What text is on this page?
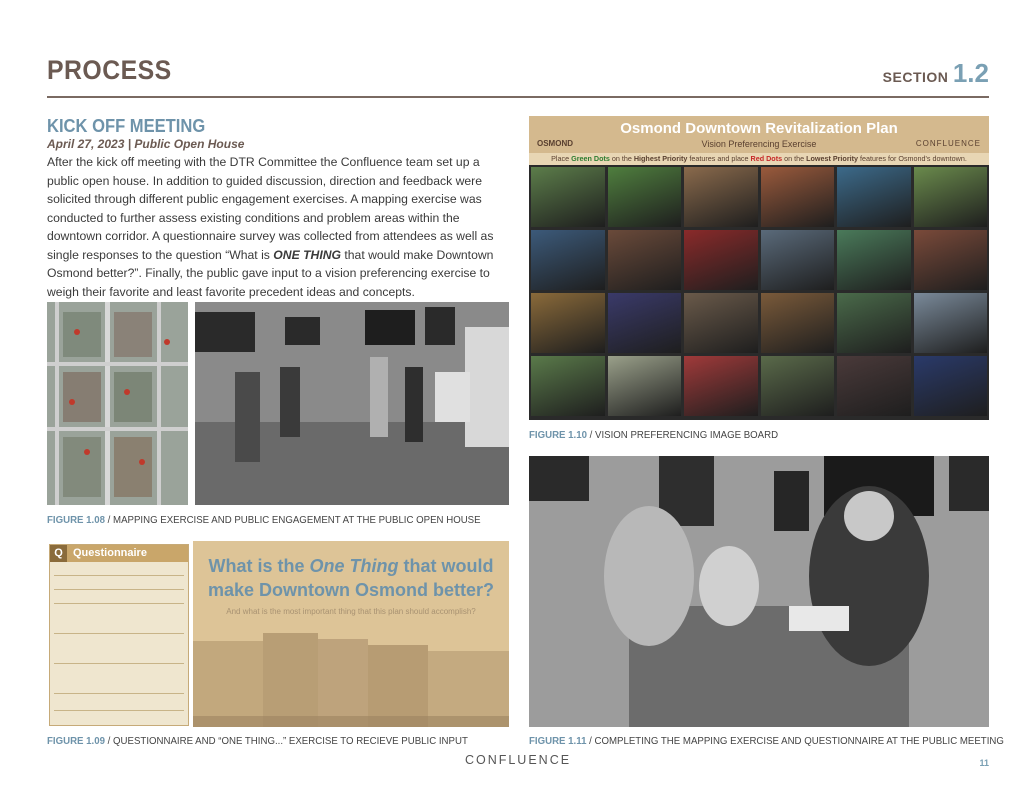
PROCESS	SECTION 1.2
KICK OFF MEETING
April 27, 2023 | Public Open House
After the kick off meeting with the DTR Committee the Confluence team set up a public open house. In addition to guided discussion, direction and feedback were solicited through different public engagement exercises. A mapping exercise was conducted to further assess existing conditions and problem areas within the downtown corridor. A questionnaire survey was collected from attendees as well as single responses to the question “What is ONE THING that would make Downtown Osmond better?”. Finally, the public gave input to a vision preferencing exercise to weigh their favorite and least favorite precedent ideas and concepts.
FIGURE 1.08 / MAPPING EXERCISE AND PUBLIC ENGAGEMENT AT THE PUBLIC OPEN HOUSE
Q Questionnaire
What is the One Thing that would
make Downtown Osmond better?
And what is the most important thing that this plan should accomplish?
FIGURE 1.09 / QUESTIONNAIRE AND “ONE THING...” EXERCISE TO RECIEVE PUBLIC INPUT
Osmond Downtown Revitalization Plan
OSMOND	Vision Preferencing Exercise	CONFLUENCE
Place Green Dots on the Highest Priority features and place Red Dots on the Lowest Priority features for Osmond's downtown.
FIGURE 1.10 / VISION PREFERENCING IMAGE BOARD
FIGURE 1.11 / COMPLETING THE MAPPING EXERCISE AND QUESTIONNAIRE AT THE PUBLIC MEETING
CONFLUENCE	11
